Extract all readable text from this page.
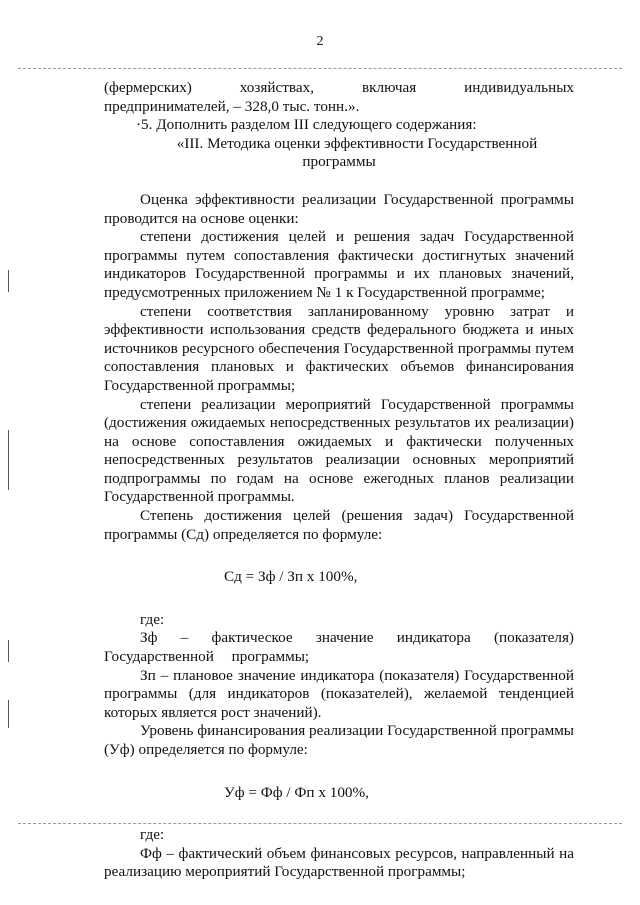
2

(фермерских)           хозяйствах,           включая           индивидуальных

предпринимателей, – 328,0 тыс. тонн.».

·5. Дополнить разделом III следующего содержания:

«III. Методика оценки эффективности Государственной

программы

Оценка эффективности реализации Государственной программы проводится на основе оценки:

степени достижения целей и решения задач Государственной программы путем сопоставления фактически достигнутых значений индикаторов Государственной программы и их плановых значений, предусмотренных приложением № 1 к Государственной программе;

степени соответствия запланированному уровню затрат и эффективности использования средств федерального бюджета и иных источников ресурсного обеспечения Государственной программы путем сопоставления плановых и фактических объемов финансирования Государственной программы;

степени реализации мероприятий Государственной программы (достижения ожидаемых непосредственных результатов их реализации) на основе сопоставления ожидаемых и фактически полученных непосредственных результатов реализации основных мероприятий подпрограммы по годам на основе ежегодных планов реализации Государственной программы.

Степень достижения целей (решения задач) Государственной программы (Сд) определяется по формуле:

Сд = Зф / Зп х 100%,

где:

Зф – фактическое значение индикатора (показателя) Государственной программы;

Зп – плановое значение индикатора (показателя) Государственной программы (для индикаторов (показателей), желаемой тенденцией которых является рост значений).

Уровень финансирования реализации Государственной программы (Уф) определяется по формуле:

Уф = Фф / Фп х 100%,

где:

Фф – фактический объем финансовых ресурсов, направленный на реализацию мероприятий Государственной программы;
